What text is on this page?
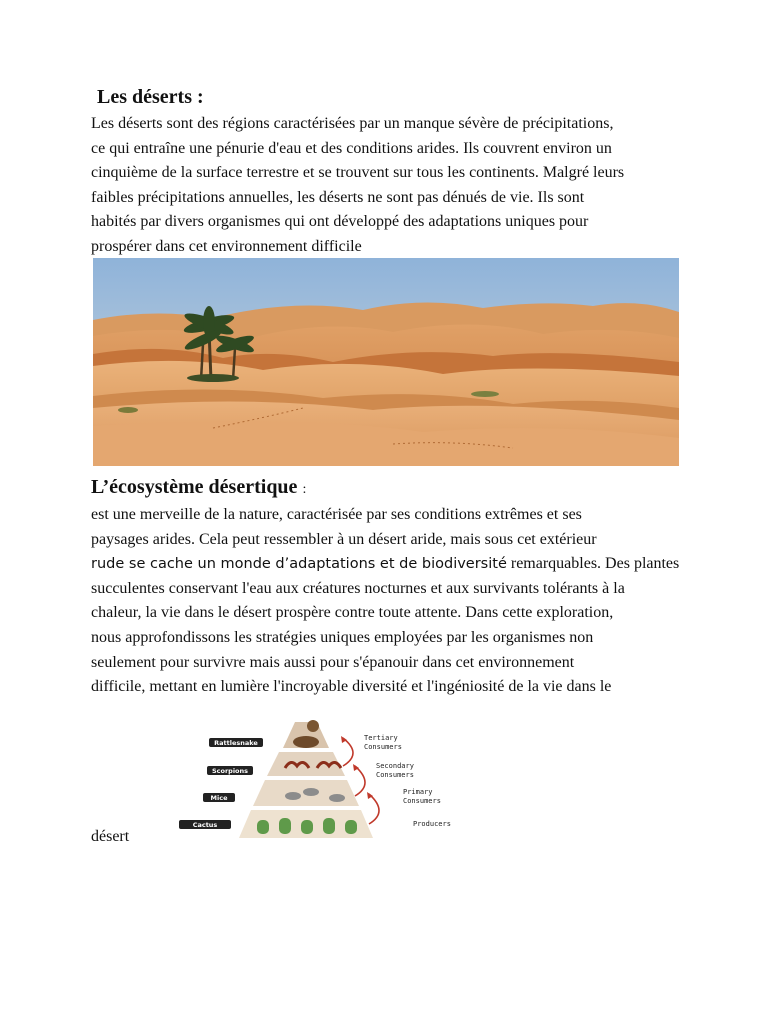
Les déserts :
Les déserts sont des régions caractérisées par un manque sévère de précipitations,
ce qui entraîne une pénurie d'eau et des conditions arides. Ils couvrent environ un
cinquième de la surface terrestre et se trouvent sur tous les continents. Malgré leurs
faibles précipitations annuelles, les déserts ne sont pas dénués de vie. Ils sont
habités par divers organismes qui ont développé des adaptations uniques pour
prospérer dans cet environnement difficile
L’écosystème désertique :
est une merveille de la nature, caractérisée par ses conditions extrêmes et ses
paysages arides. Cela peut ressembler à un désert aride, mais sous cet extérieur
rude se cache un monde d’adaptations et de biodiversité remarquables. Des plantes
succulentes conservant l'eau aux créatures nocturnes et aux survivants tolérants à la
chaleur, la vie dans le désert prospère contre toute attente. Dans cette exploration,
nous approfondissons les stratégies uniques employées par les organismes non
seulement pour survivre mais aussi pour s'épanouir dans cet environnement
difficile, mettant en lumière l'incroyable diversité et l'ingéniosité de la vie dans le
Rattlesnake
Scorpions
Mice
Cactus
Tertiary
Consumers
Secondary
Consumers
Primary
Consumers
Producers

désert
